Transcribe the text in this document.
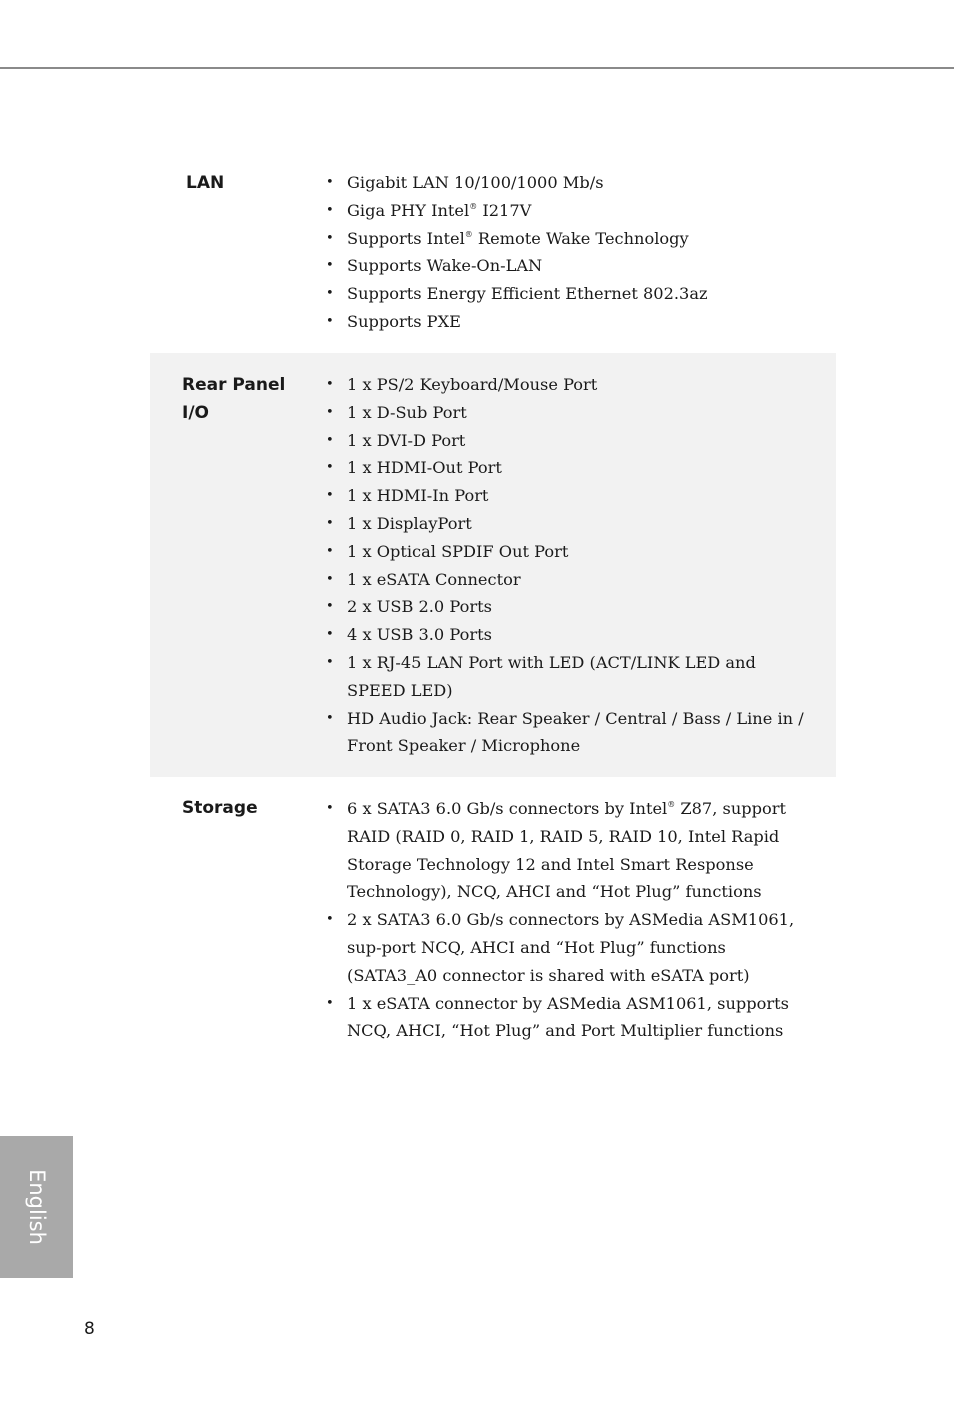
LAN	• Gigabit LAN 10/100/1000 Mb/s
• Giga PHY Intel® I217V
• Supports Intel® Remote Wake Technology
• Supports Wake-On-LAN
• Supports Energy Efficient Ethernet 802.3az
• Supports PXE
Rear Panel
I/O
• 1 x PS/2 Keyboard/Mouse Port
• 1 x D-Sub Port
• 1 x DVI-D Port
• 1 x HDMI-Out Port
• 1 x HDMI-In Port
• 1 x DisplayPort
• 1 x Optical SPDIF Out Port
• 1 x eSATA Connector
• 2 x USB 2.0 Ports
• 4 x USB 3.0 Ports
• 1 x RJ-45 LAN Port with LED (ACT/LINK LED and SPEED LED)
• HD Audio Jack: Rear Speaker / Central / Bass / Line in / Front Speaker / Microphone
Storage	• 6 x SATA3 6.0 Gb/s connectors by Intel® Z87, support RAID (RAID 0, RAID 1, RAID 5, RAID 10, Intel Rapid Storage Technology 12 and Intel Smart Response Technology), NCQ, AHCI and “Hot Plug” functions
• 2 x SATA3 6.0 Gb/s connectors by ASMedia ASM1061, sup-port NCQ, AHCI and “Hot Plug” functions (SATA3_A0 connector is shared with eSATA port)
• 1 x eSATA connector by ASMedia ASM1061, supports NCQ, AHCI, “Hot Plug” and Port Multiplier functions
English
8
